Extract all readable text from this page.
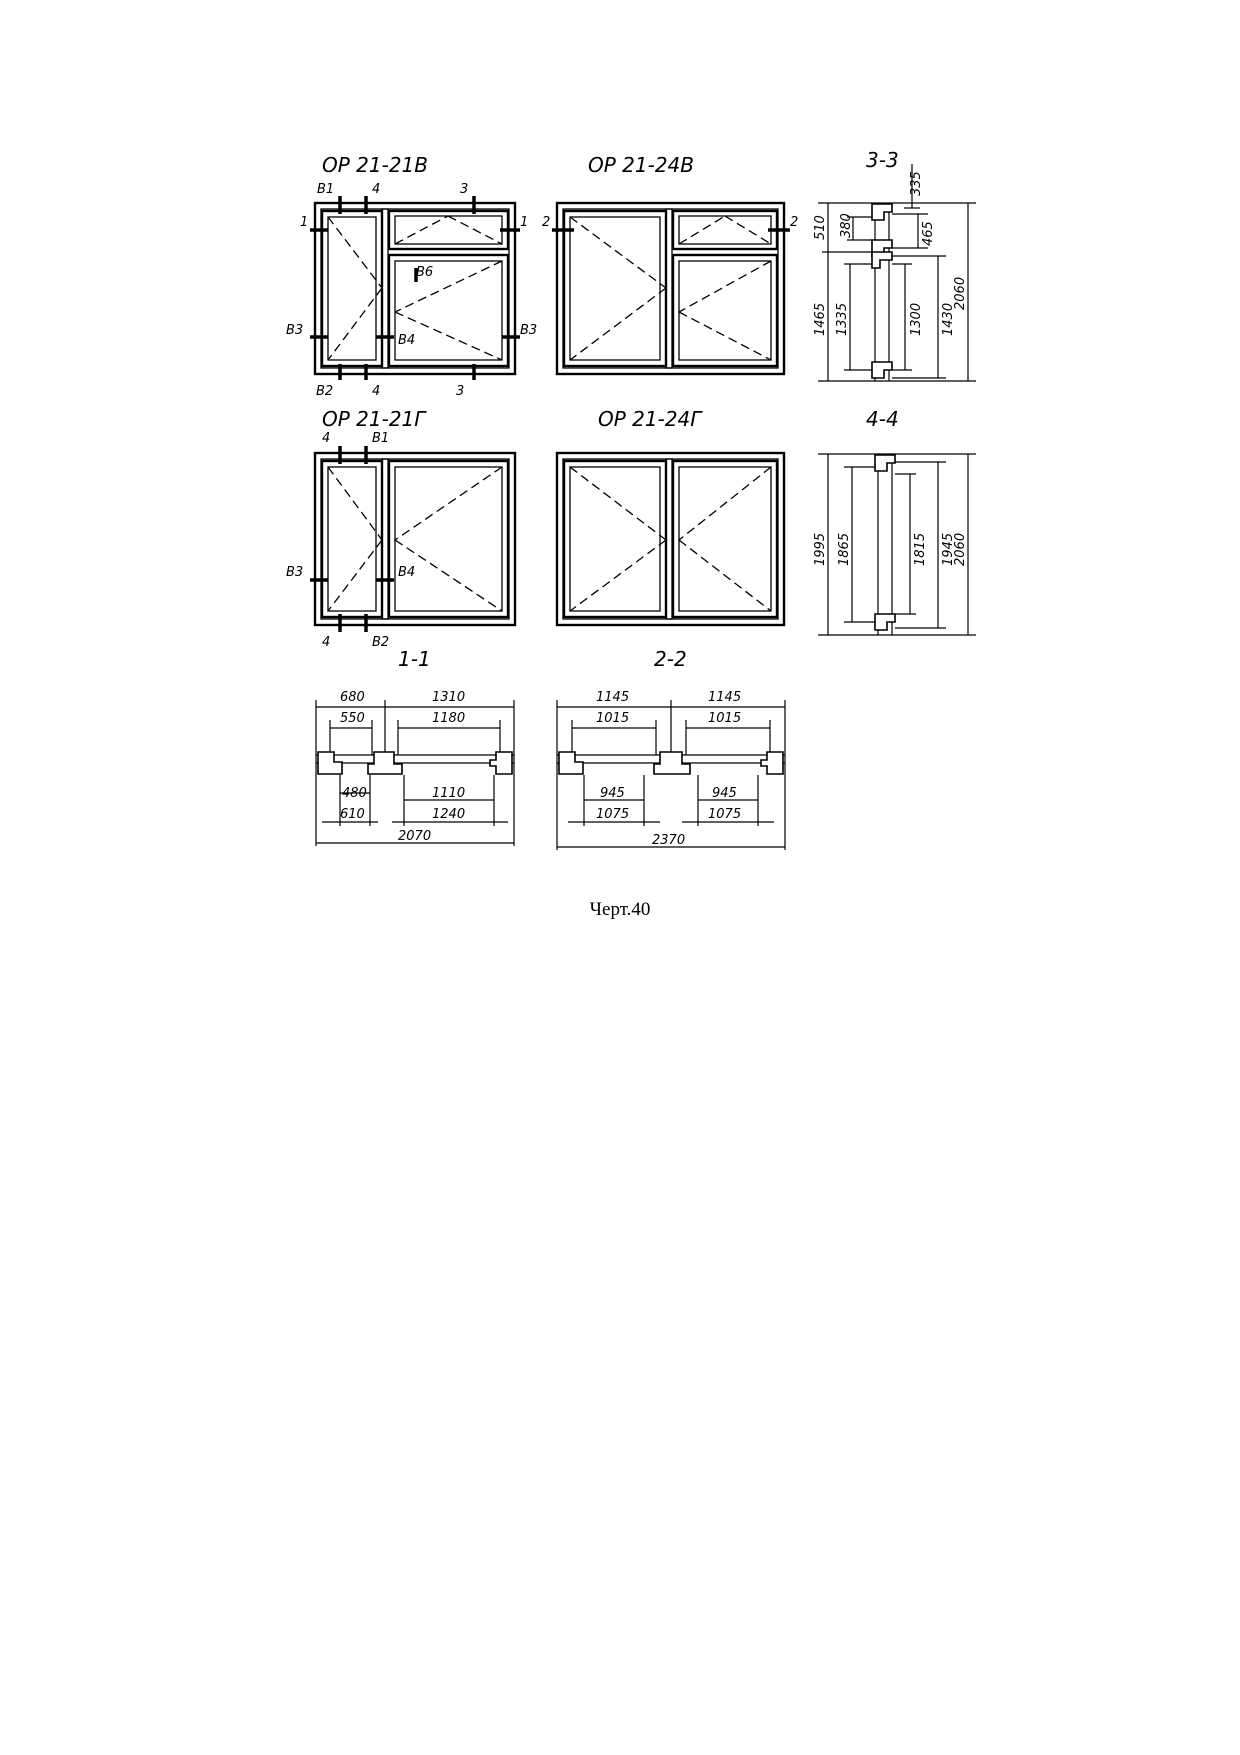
ОР 21-21В
В1	4	3
1	1
В6
В3
В4
В3
В2	4	3
ОР 21-24В
2	2
3-3
335
510 380	465
1465 1335	1300 1430
2060
ОР 21-21Г
4	В1
В3	В4
4	В2
ОР 21-24Г	4-4
1995 1865	1815 1945
2060
1-1
680	1310
550	1180
480	1110
610	1240
2070
2-2
1145	1145
1015	1015
945	945
1075	1075
2370
Черт.40
